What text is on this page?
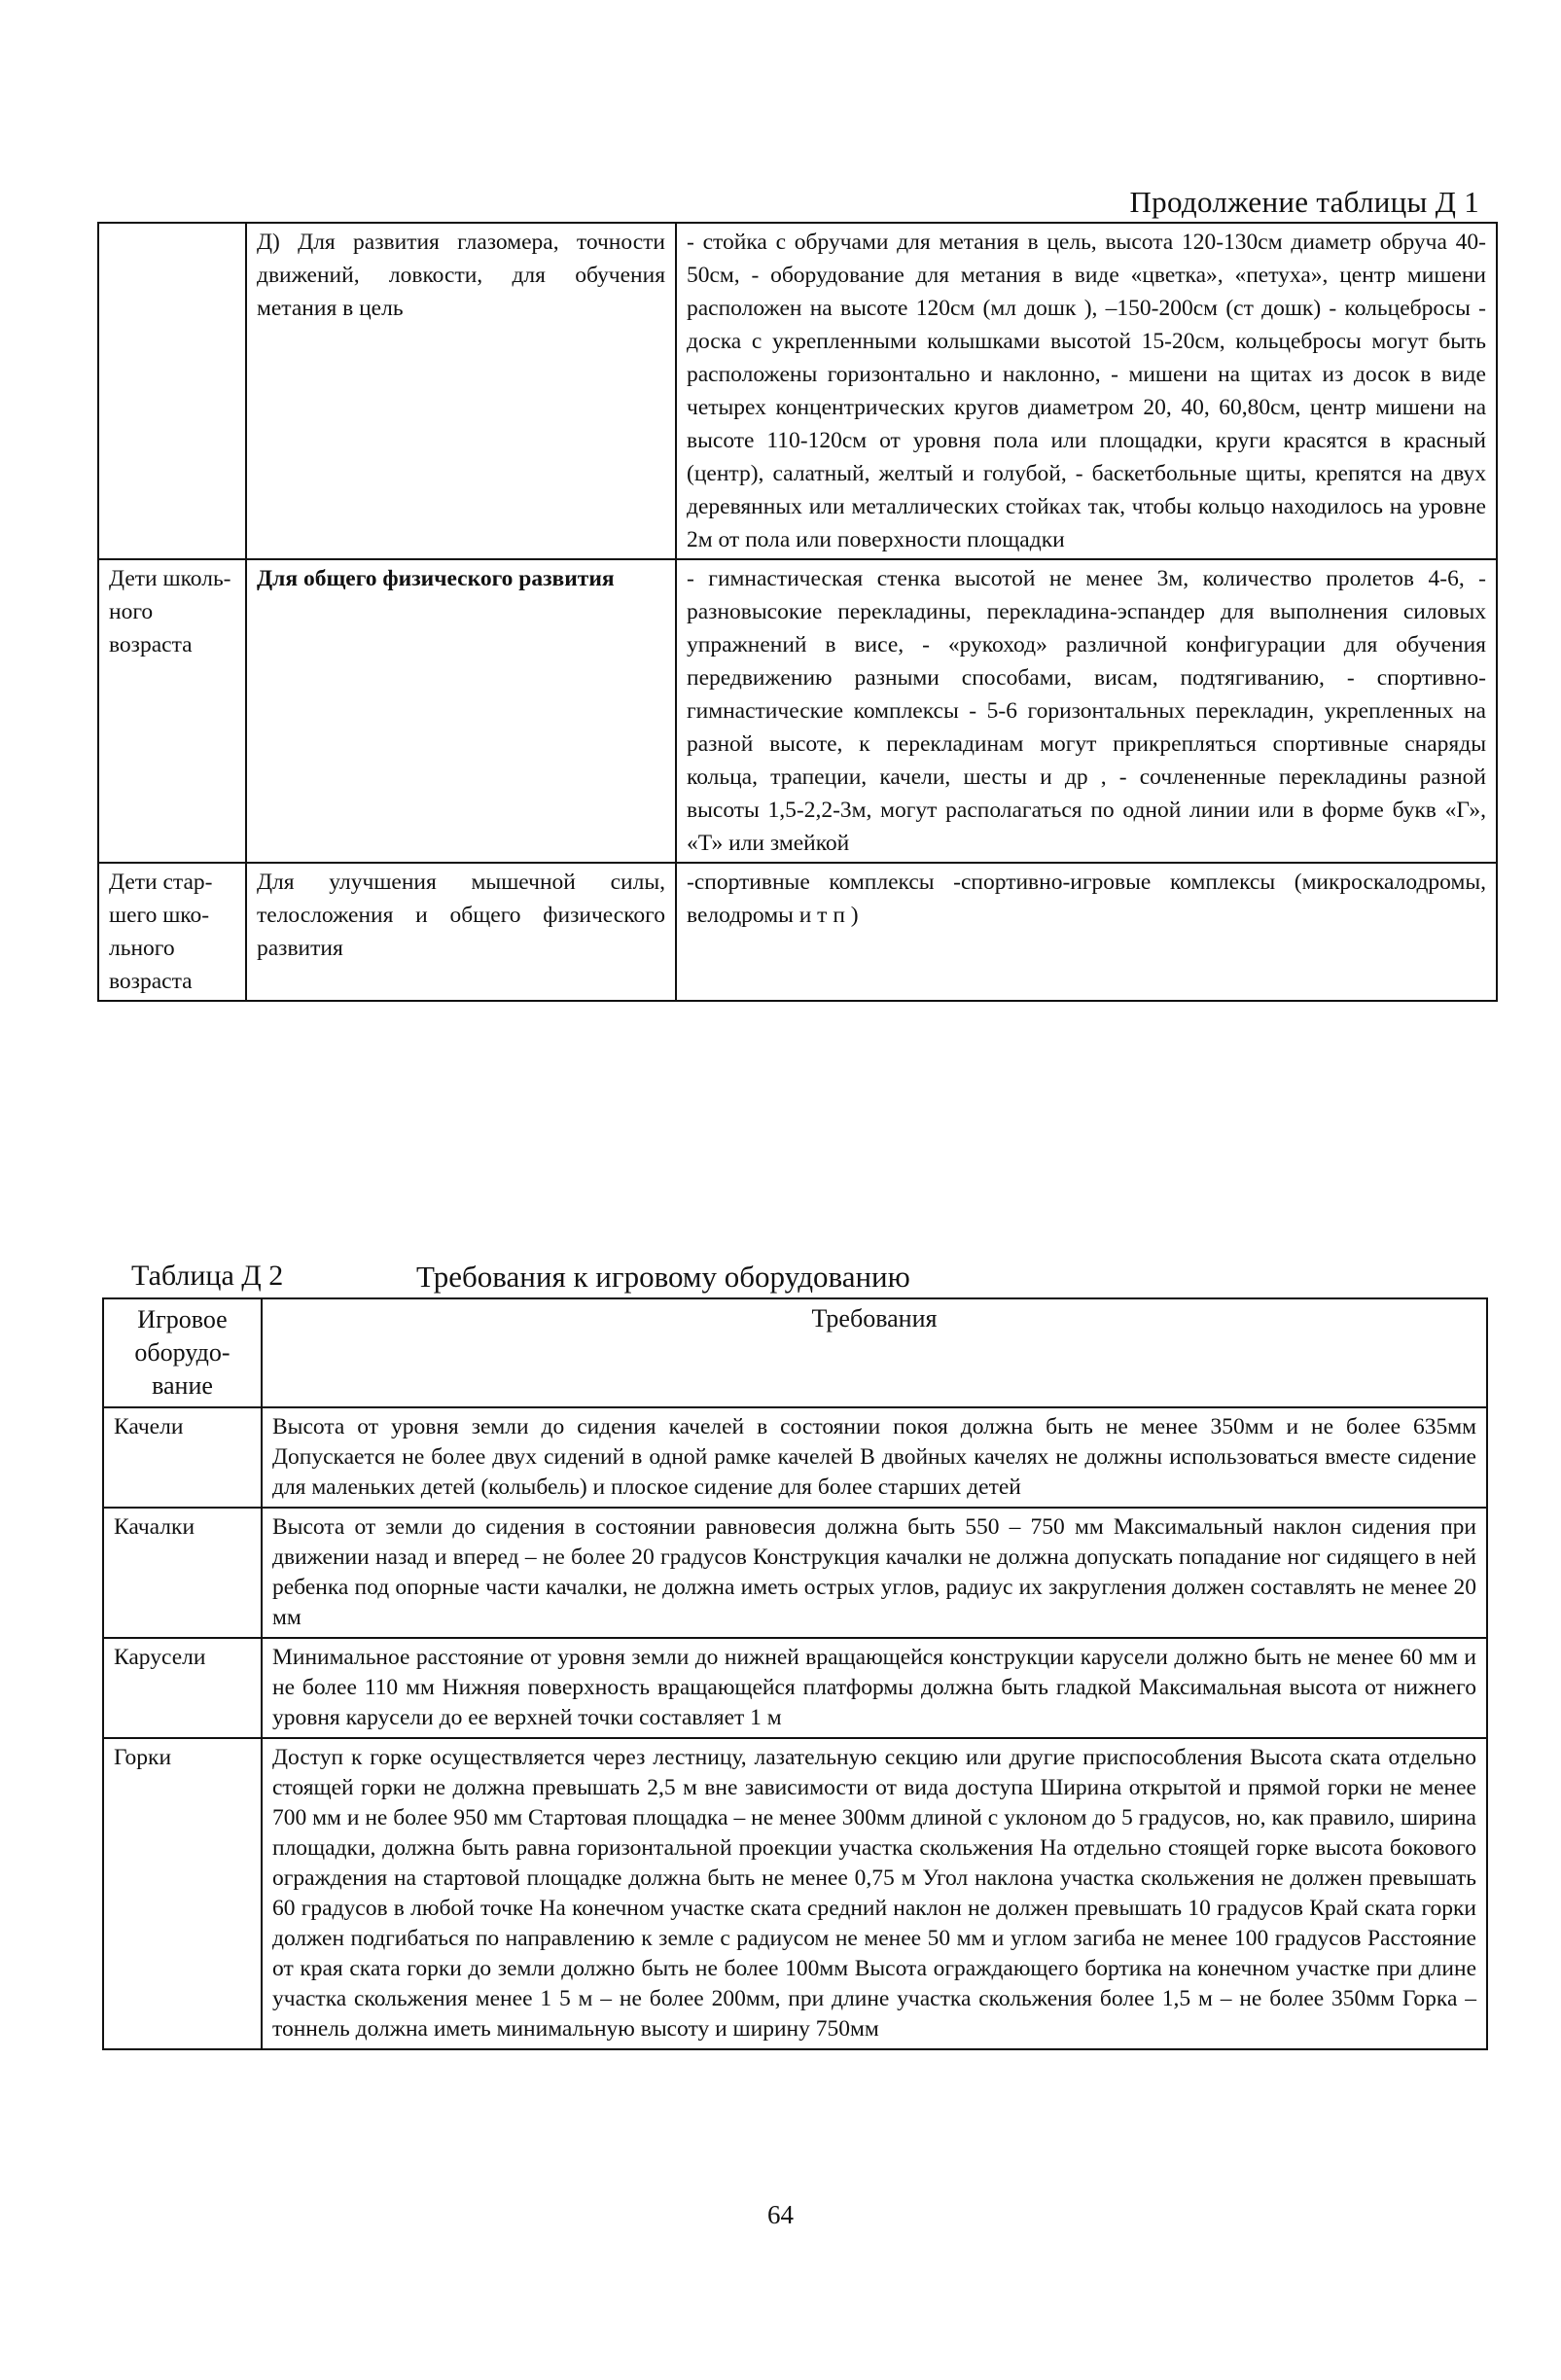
Продолжение таблицы Д 1
	Д) Для развития глазомера, точности движений, ловкости, для обучения метания в цель	- стойка с обручами для метания в цель, высота 120-130см диаметр обруча 40-50см, - оборудование для метания в виде «цветка», «петуха», центр мишени расположен на высоте 120см (мл дошк ), –150-200см (ст дошк) - кольцебросы - доска с укрепленными колышками высотой 15-20см, кольцебросы могут быть расположены горизонтально и наклонно, - мишени на щитах из досок в виде четырех концентрических кругов диаметром 20, 40, 60,80см, центр мишени на высоте 110-120см от уровня пола или площадки, круги красятся в красный (центр), салатный, желтый и голубой, - баскетбольные щиты, крепятся на двух деревянных или металлических стойках так, чтобы кольцо находилось на уровне 2м от пола или поверхности площадки
Дети школь-ного возраста	Для общего физического развития	- гимнастическая стенка высотой не менее 3м, количество пролетов 4-6, - разновысокие перекладины, перекладина-эспандер для выполнения силовых упражнений в висе, - «рукоход» различной конфигурации для обучения передвижению разными способами, висам, подтягиванию, - спортивно-гимнастические комплексы - 5-6 горизонтальных перекладин, укрепленных на разной высоте, к перекладинам могут прикрепляться спортивные снаряды кольца, трапеции, качели, шесты и др , - сочлененные перекладины разной высоты 1,5-2,2-3м, могут располагаться по одной линии или в форме букв «Г», «Т» или змейкой
Дети стар-шего шко-льного возраста	Для улучшения мышечной силы, телосложения и общего физического развития	-спортивные комплексы -спортивно-игровые комплексы (микроскалодромы, велодромы и т п )
Таблица Д 2	Требования к игровому оборудованию
Игровое оборудо-вание	Требования
Качели	Высота от уровня земли до сидения качелей в состоянии покоя должна быть не менее 350мм и не более 635мм Допускается не более двух сидений в одной рамке качелей В двойных качелях не должны использоваться вместе сидение для маленьких детей (колыбель) и плоское сидение для более старших детей

Качалки	Высота от земли до сидения в состоянии равновесия должна быть 550 – 750 мм Максимальный наклон сидения при движении назад и вперед – не более 20 градусов Конструкция качалки не должна допускать попадание ног сидящего в ней ребенка под опорные части качалки, не должна иметь острых углов, радиус их закругления должен составлять не менее 20 мм

Карусели	Минимальное расстояние от уровня земли до нижней вращающейся конструкции карусели должно быть не менее 60 мм и не более 110 мм Нижняя поверхность вращающейся платформы должна быть гладкой Максимальная высота от нижнего уровня карусели до ее верхней точки составляет 1 м

Горки	Доступ к горке осуществляется через лестницу, лазательную секцию или другие приспособления Высота ската отдельно стоящей горки не должна превышать 2,5 м вне зависимости от вида доступа Ширина открытой и прямой горки не менее 700 мм и не более 950 мм Стартовая площадка – не менее 300мм длиной с уклоном до 5 градусов, но, как правило, ширина площадки, должна быть равна горизонтальной проекции участка скольжения На отдельно стоящей горке высота бокового ограждения на стартовой площадке должна быть не менее 0,75 м Угол наклона участка скольжения не должен превышать 60 градусов в любой точке На конечном участке ската средний наклон не должен превышать 10 градусов Край ската горки должен подгибаться по направлению к земле с радиусом не менее 50 мм и углом загиба не менее 100 градусов Расстояние от края ската горки до земли должно быть не более 100мм Высота ограждающего бортика на конечном участке при длине участка скольжения менее 1 5 м – не более 200мм, при длине участка скольжения более 1,5 м – не более 350мм Горка – тоннель должна иметь минимальную высоту и ширину 750мм

64
